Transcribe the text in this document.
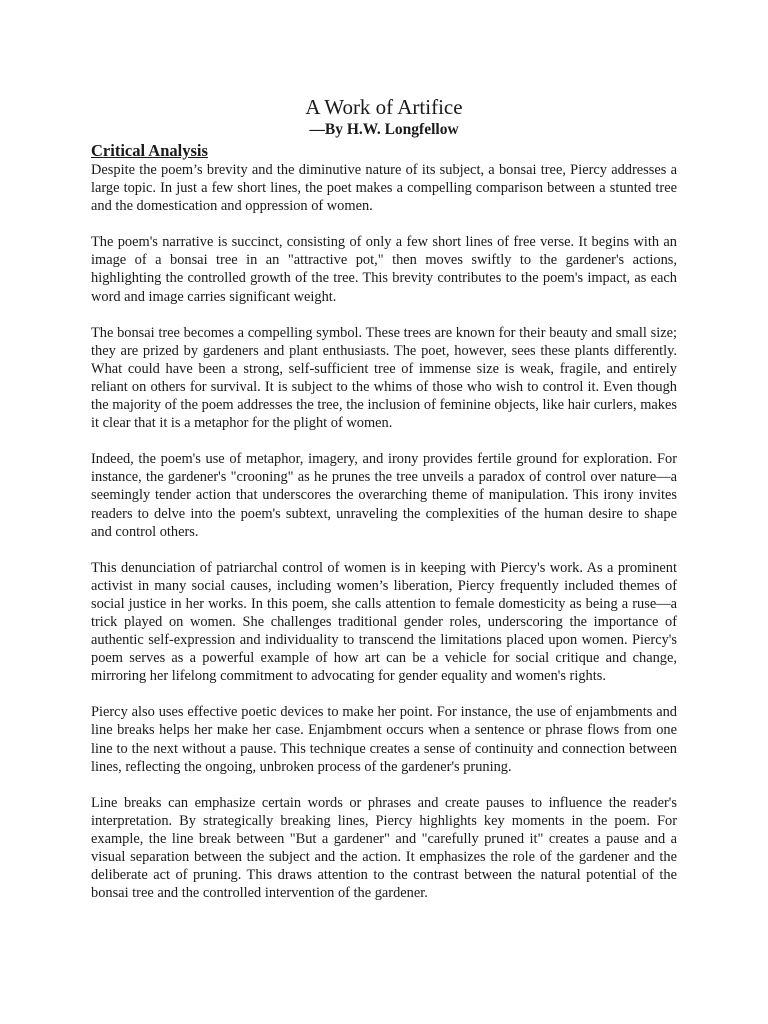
A Work of Artifice

—By H.W. Longfellow

Critical Analysis

Despite the poem’s brevity and the diminutive nature of its subject, a bonsai tree, Piercy addresses a large topic. In just a few short lines, the poet makes a compelling comparison between a stunted tree and the domestication and oppression of women.

The poem's narrative is succinct, consisting of only a few short lines of free verse. It begins with an image of a bonsai tree in an "attractive pot," then moves swiftly to the gardener's actions, highlighting the controlled growth of the tree. This brevity contributes to the poem's impact, as each word and image carries significant weight.

The bonsai tree becomes a compelling symbol. These trees are known for their beauty and small size; they are prized by gardeners and plant enthusiasts. The poet, however, sees these plants differently. What could have been a strong, self-sufficient tree of immense size is weak, fragile, and entirely reliant on others for survival. It is subject to the whims of those who wish to control it. Even though the majority of the poem addresses the tree, the inclusion of feminine objects, like hair curlers, makes it clear that it is a metaphor for the plight of women.

Indeed, the poem's use of metaphor, imagery, and irony provides fertile ground for exploration. For instance, the gardener's "crooning" as he prunes the tree unveils a paradox of control over nature—a seemingly tender action that underscores the overarching theme of manipulation. This irony invites readers to delve into the poem's subtext, unraveling the complexities of the human desire to shape and control others.

This denunciation of patriarchal control of women is in keeping with Piercy's work. As a prominent activist in many social causes, including women’s liberation, Piercy frequently included themes of social justice in her works. In this poem, she calls attention to female domesticity as being a ruse—a trick played on women. She challenges traditional gender roles, underscoring the importance of authentic self-expression and individuality to transcend the limitations placed upon women. Piercy's poem serves as a powerful example of how art can be a vehicle for social critique and change, mirroring her lifelong commitment to advocating for gender equality and women's rights.

Piercy also uses effective poetic devices to make her point. For instance, the use of enjambments and line breaks helps her make her case. Enjambment occurs when a sentence or phrase flows from one line to the next without a pause. This technique creates a sense of continuity and connection between lines, reflecting the ongoing, unbroken process of the gardener's pruning.

Line breaks can emphasize certain words or phrases and create pauses to influence the reader's interpretation. By strategically breaking lines, Piercy highlights key moments in the poem. For example, the line break between "But a gardener" and "carefully pruned it" creates a pause and a visual separation between the subject and the action. It emphasizes the role of the gardener and the deliberate act of pruning. This draws attention to the contrast between the natural potential of the bonsai tree and the controlled intervention of the gardener.
